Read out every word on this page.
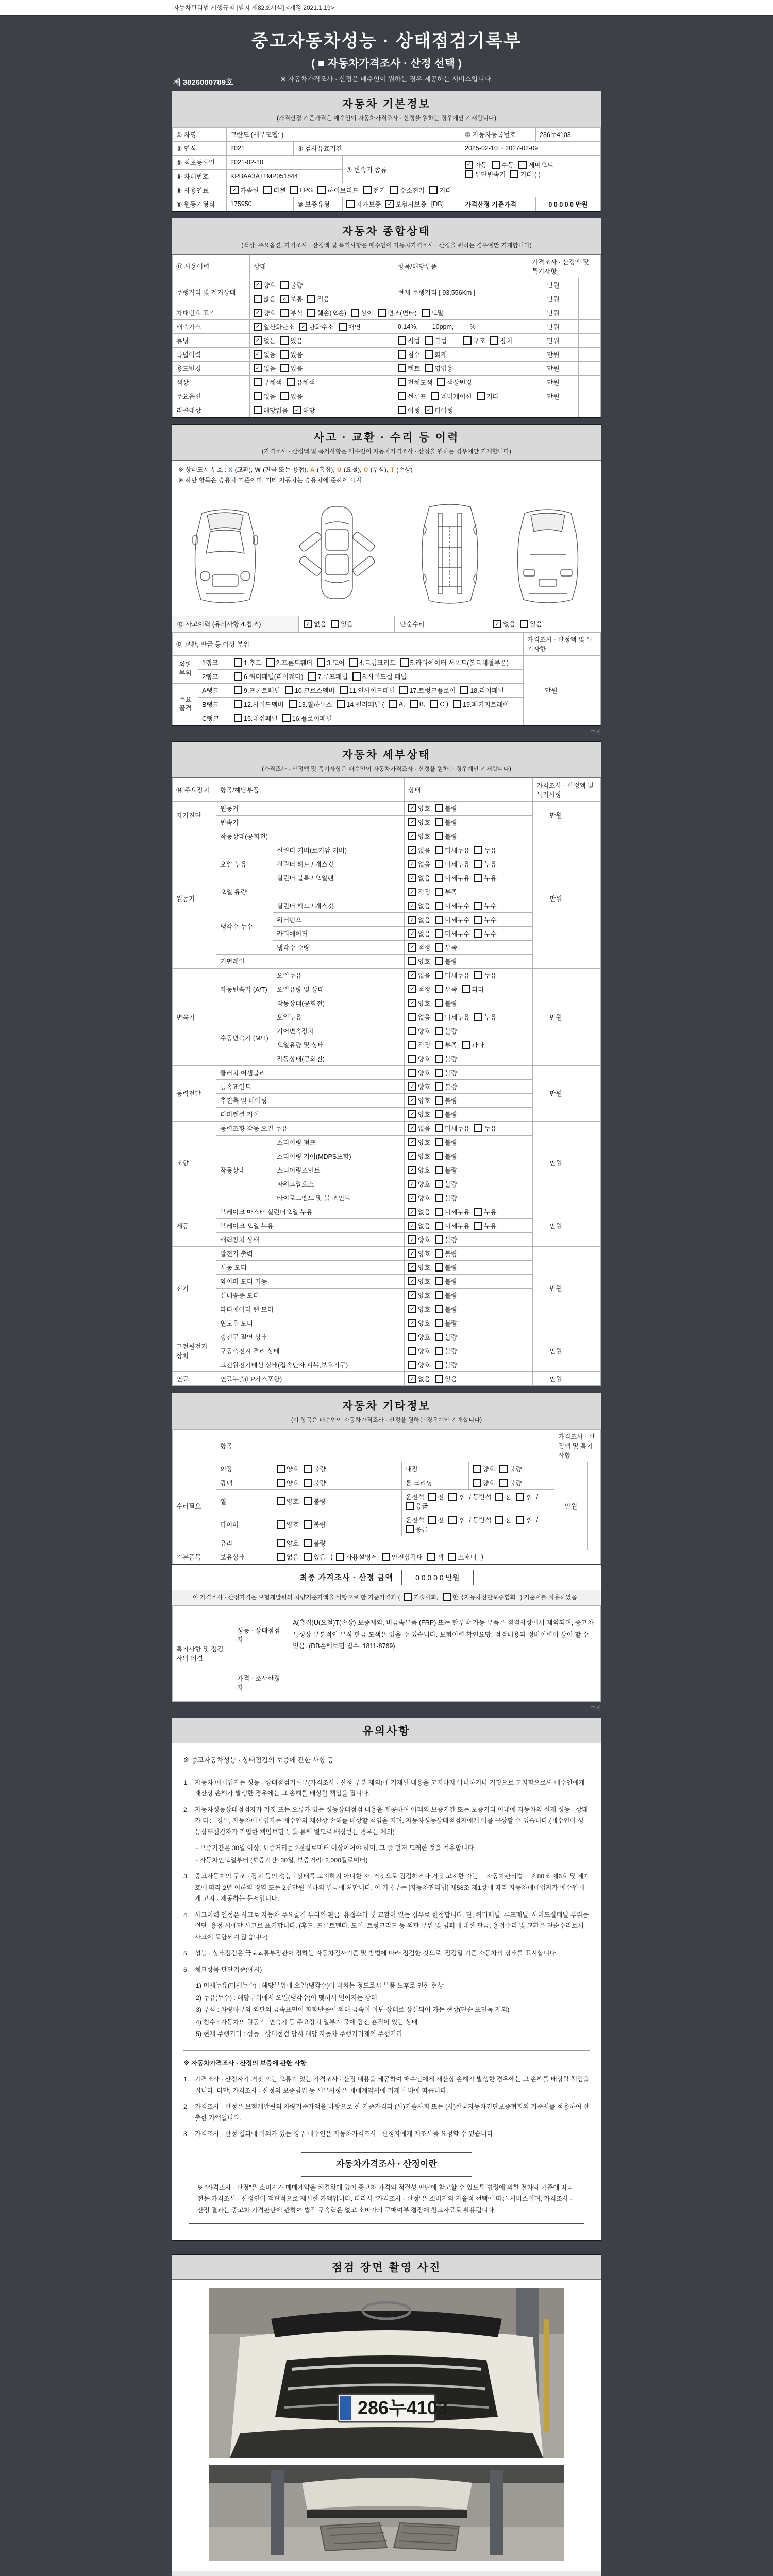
자동차관리법 시행규칙 [별지 제82호서식] <개정 2021.1.19>
중고자동차성능 · 상태점검기록부
( ■ 자동차가격조사 · 산정 선택 )
※ 자동차가격조사 · 산정은 매수인이 원하는 경우 제공하는 서비스입니다.
제 3826000789호
자동차 기본정보
(가격산정 기준가격은 매수인이 자동차가격조사 · 산정을 원하는 경우에만 기재합니다)
① 차명	코란도 (세부모델: )			② 자동차등록번호	286누4103
③ 연식	2021	④ 검사유효기간		2025-02-10 ~ 2027-02-09	
⑤ 최초등록일	2021-02-10	⑦ 변속기 종류	
✓ 자동 수동 세미오토
무단변속기 기타 ( )

⑥ 차대번호	KPBAA3AT1MP051844				
⑧ 사용연료	✓ 가솔린 디젤 LPG 하이브리드 전기 수소전기 기타

⑨ 원동기형식	175950	⑩ 보증유형	자가보증 ✓ 보험사보증 [DB]	가격산정 기준가격	0 0 0 0 0 만원
자동차 종합상태
(색상, 주요옵션, 가격조사 · 산정액 및 특기사항은 매수인이 자동차가격조사 · 산정을 원하는 경우에만 기재합니다)
⑪ 사용이력	상태	항목/해당부품	가격조사 · 산정액 및 특기사항	
주행거리 및 계기상태	✓ 양호 불량	현재 주행거리 [ 93,556Km ]	만원	

	많음 ✓ 보통 적음		만원	
차대번호 표기	✓ 양호 부식 훼손(오손) 상이 변조(변타) 도말	만원	
배출가스	✓ 일산화탄소 ✓ 탄화수소 매연	0.14%,        10ppm,         %	만원	
튜닝	✓ 없음 있음	적법 불법	구조 장치	만원	
특별이력	✓ 없음 있음	침수 화재	만원	
용도변경	✓ 없음 있음	렌트 영업용	만원	
색상	무채색 유채색	전체도색 색상변경	만원	
주요옵션	없음 있음	썬루프 네비게이션 기타	만원	
리콜대상	해당없음 ✓ 해당	이행 ✓ 미이행		

사고 · 교환 · 수리 등 이력
(가격조사 · 산정액 및 특기사항은 매수인이 자동차가격조사 · 산정을 원하는 경우에만 기재합니다)
※ 상태표시 부호 : X (교환), W (판금 또는 용접), A (흠집), U (요철), C (부식), T (손상)
※ 하단 항목은 승용차 기준이며, 기타 자동차는 승용차에 준하여 표시
⑫ 사고이력 (유의사항 4.참조)	✓ 없음 있음	단순수리	✓ 없음 있음
⑬ 교환, 판금 등 이상 부위			가격조사 · 산정액 및 특기사항	
외판부위	1랭크	1.후드 2.프론트휀더 3.도어 4.트렁크리드 5.라디에이터 서포트(볼트체결부품)	만원	
	2랭크	6.쿼터패널(리어휀다) 7.루프패널 8.사이드실 패널		

주요골격	A랭크	9.프론트패널 10.크로스멤버 11.인사이드패널 17.트렁크플로어 18.리어패널		

B랭크	12.사이드멤버 13.휠하우스 14.필러패널 ( A, B, C ) 19.패키지트레이

	C랭크	15.대쉬패널 16.플로어패널		
크게
자동차 세부상태
(가격조사 · 산정액 및 특기사항은 매수인이 자동차가격조사 · 산정을 원하는 경우에만 기재합니다)
⑭ 주요장치	항목/해당부품		상태	가격조사 · 산정액 및 특기사항	
자기진단	원동기		✓ 양호 불량	만원	
	변속기		✓ 양호 불량		

원동기	작동상태(공회전)		✓ 양호 불량	만원	
	오일 누유	실린더 커버(로커암 커버)	✓ 없음 미세누유 누유		

		실린더 헤드 / 개스킷	✓ 없음 미세누유 누유		

		실린더 블록 / 오일팬	✓ 없음 미세누유 누유		

	오일 유량		✓ 적정 부족		

	냉각수 누수	실린더 헤드 / 개스킷	✓ 없음 미세누수 누수		

		워터펌프	✓ 없음 미세누수 누수		

		라디에이터	✓ 없음 미세누수 누수		

		냉각수 수량	✓ 적정 부족		

	커먼레일		양호 불량		

변속기	자동변속기 (A/T)	오일누유	✓ 없음 미세누유 누유	만원	
		오일유량 및 상태	✓ 적정 부족 과다		

		작동상태(공회전)	✓ 양호 불량		

	수동변속기 (M/T)	오일누유	없음 미세누유 누유		

		기어변속장치	양호 불량		

		오일유량 및 상태	적정 부족 과다		

		작동상태(공회전)	양호 불량		

동력전달	클러치 어셈블리		양호 불량	만원	
	등속죠인트		✓ 양호 불량		

	추진축 및 베어링		✓ 양호 불량		

	디퍼렌셜 기어		✓ 양호 불량		

조향	동력조향 작동 오일 누유		✓ 없음 미세누유 누유	만원	
	작동상태	스티어링 펌프	✓ 양호 불량		

		스티어링 기어(MDPS포함)	✓ 양호 불량		

		스티어링조인트	✓ 양호 불량		

		파워고압호스	✓ 양호 불량		

		타이로드엔드 및 볼 조인트	✓ 양호 불량		

제동	브레이크 마스터 실린더오일 누유		✓ 없음 미세누유 누유	만원	
	브레이크 오일 누유		✓ 없음 미세누유 누유		

	배력장치 상태		✓ 양호 불량		

전기	발전기 출력		✓ 양호 불량	만원	
	시동 모터		✓ 양호 불량		

	와이퍼 모터 기능		✓ 양호 불량		

	실내송풍 모터		✓ 양호 불량		

	라디에이터 팬 모터		✓ 양호 불량		

	윈도우 모터		✓ 양호 불량		

고전원전기장치	충전구 절연 상태		양호 불량	만원	
	구동축전지 격리 상태		양호 불량		

	고전원전기배선 상태(접속단자,피복,보호기구)		양호 불량		

연료	연료누출(LP가스포함)		✓ 없음 있음	만원	
자동차 기타정보
(이 항목은 매수인이 자동차가격조사 · 산정을 원하는 경우에만 기재합니다)
	항목				가격조사 · 산정액 및 특기사항	
수리필요	외장	양호 불량	내장	양호 불량	만원	
	광택	양호 불량	룸 크리닝	양호 불량		

휠	양호 불량
	운전석 전 후 / 동반석 전 후 /
응급

타이어	양호 불량
	운전석 전 후 / 동반석 전 후 /
응급

	유리	양호 불량				

기본품목	보유상태	없음 있음 ( 사용설명서 안전삼각대 잭 스패너 )	
최종 가격조사 · 산정 금액	0 0 0 0 0 만원
이 가격조사 · 산정가격은 보험개발원의 차량기준가액을 바탕으로 한 기준가격과 ( 기술사회, 한국자동차진단보증협회 ) 기준서를 적용하였음
특기사항 및 점검자의 의견	성능 · 상태점검자	A(흠집)U(요철)T(손상) 보증제외, 비금속부품 (FRP) 또는 탈부착 가능 부품은 점검사항에서 제외되며, 중고차 특성상 부분적인 부식 판금 도색은 있을 수 있습니다. 보험이력 확인요망, 점검내용과 정비이력이 상이 할 수 있음. (DB손해보험 접수: 1811-8769)
	가격 · 조사산정자	
크게
유의사항
※ 중고자동차성능 · 상태점검의 보증에 관한 사항 등
1. 자동차 매매업자는 성능 · 상태점검기록부(가격조사 · 산정 부분 제외)에 기재된 내용을 고지하지 아니하거나 거짓으로 고지함으로써 매수인에게 재산상 손해가 발생한 경우에는 그 손해를 배상할 책임을 집니다.
2. 자동차성능상태점검자가 거짓 또는 오류가 있는 성능상태점검 내용을 제공하여 아래의 보증기간 또는 보증거리 이내에 자동차의 실제 성능 · 상태가 다른 경우, 자동차매매업자는 매수인의 재산상 손해를 배상할 책임을 지며, 자동차성능상태점검자에게 이를 구상할 수 있습니다.(매수인이 성능상태점검자가 가입한 책임보험 등을 통해 별도로 배상받는 경우는 제외)
- 보증기간은 30일 이상, 보증거리는 2천킬로미터 이상이어야 하며, 그 중 먼저 도래한 것을 적용합니다.
- 자동차인도일부터 (보증기간: 30일, 보증거리: 2,000킬로미터)
3. 중고자동차의 구조 · 장치 등의 성능 · 상태를 고지하지 아니한 자, 거짓으로 점검하거나 거짓 고지한 자는 「자동차관리법」 제80조 제6호 및 제7호에 따라 2년 이하의 징역 또는 2천만원 이하의 벌금에 처합니다. 이 기록부는 [자동차관리법] 제58조 제1항에 따라 자동차매매업자가 매수인에게 고지 · 제공하는 문서입니다.
4. 사고이력 인정은 사고로 자동차 주요골격 부위의 판금, 용접수리 및 교환이 있는 경우로 한정합니다. 단, 쿼터패널, 루프패널, 사이드실패널 부위는 절단, 용접 시에만 사고로 표기합니다. (후드, 프론트펜더, 도어, 트렁크리드 등 외판 부위 및 범퍼에 대한 판금, 용접수리 및 교환은 단순수리로서 사고에 포함되지 않습니다)
5. 성능 · 상태점검은 국토교통부장관이 정하는 자동차검사기준 및 방법에 따라 점검한 것으로, 점검일 기준 자동차의 상태를 표시합니다.
6. 체크항목 판단기준(예시)
1) 미세누유(미세누수) : 해당부위에 오일(냉각수)이 비치는 정도로서 부품 노후로 인한 현상
2) 누유(누수) : 해당부위에서 오일(냉각수)이 맺혀서 떨어지는 상태
3) 부식 : 차량하부와 외판의 금속표면이 화학반응에 의해 금속이 아닌 상태로 상실되어 가는 현상(단순 표면녹 제외)
4) 침수 : 자동차의 원동기, 변속기 등 주요장치 일부가 물에 잠긴 흔적이 있는 상태
5) 현재 주행거리 : 성능 · 상태점검 당시 해당 자동차 주행거리계의 주행거리
※ 자동차가격조사 · 산정의 보증에 관한 사항
1. 가격조사 · 산정자가 거짓 또는 오류가 있는 가격조사 · 산정 내용을 제공하여 매수인에게 재산상 손해가 발생한 경우에는 그 손해를 배상할 책임을 집니다. 다만, 가격조사 · 산정의 보증범위 등 세부사항은 매매계약서에 기재된 바에 따릅니다.
2. 가격조사 · 산정은 보험개발원의 차량기준가액을 바탕으로 한 기준가격과 (사)기술사회 또는 (사)한국자동차진단보증협회의 기준서를 적용하여 산출한 가액입니다.
3. 가격조사 · 산정 결과에 이의가 있는 경우 매수인은 자동차가격조사 · 산정자에게 재조사를 요청할 수 있습니다.
자동차가격조사 · 산정이란
※ "가격조사 · 산정"은 소비자가 매매계약을 체결함에 있어 중고차 가격의 적절성 판단에 참고할 수 있도록 법령에 의한 절차와 기준에 따라 전문 가격조사 · 산정인이 객관적으로 제시한 가액입니다. 따라서 "가격조사 · 산정"은 소비자의 자율적 선택에 따른 서비스이며, 가격조사 · 산정 결과는 중고차 가격판단에 관하여 법적 구속력은 없고 소비자의 구매여부 결정에 참고자료로 활용됩니다.
점검 장면 촬영 사진
286누4103
